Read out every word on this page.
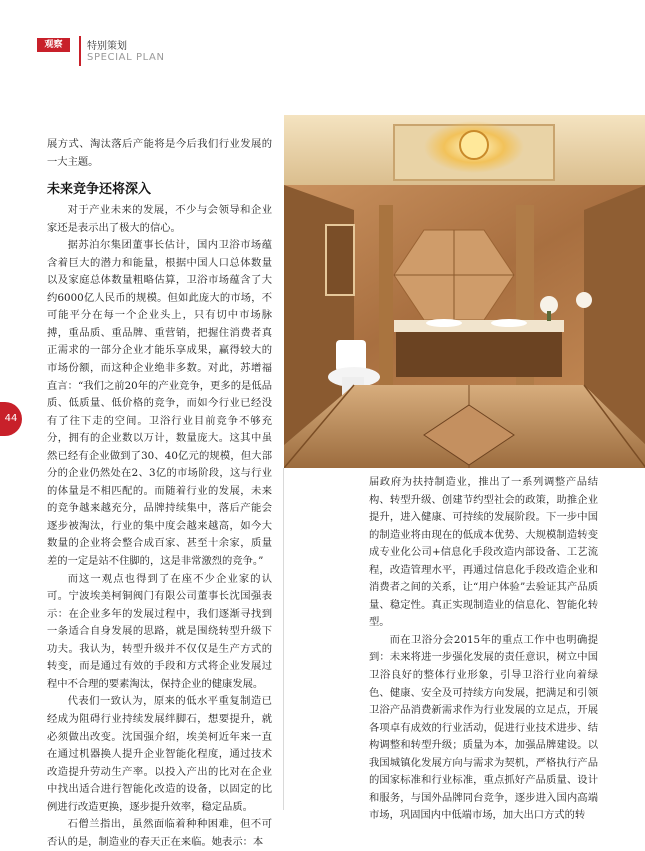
观察	特别策划
SPECIAL PLAN
44

展方式、淘汰落后产能将是今后我们行业发展的一大主题。

未来竞争还将深入

对于产业未来的发展，不少与会领导和企业家还是表示出了极大的信心。

据苏泊尔集团董事长估计，国内卫浴市场蕴含着巨大的潜力和能量，根据中国人口总体数量以及家庭总体数量粗略估算，卫浴市场蕴含了大约6000亿人民币的规模。但如此庞大的市场，不可能平分在每一个企业头上，只有切中市场脉搏，重品质、重品牌、重营销，把握住消费者真正需求的一部分企业才能乐享成果，赢得较大的市场份额，而这种企业绝非多数。对此，苏增福直言：“我们之前20年的产业竞争，更多的是低品质、低质量、低价格的竞争，而如今行业已经没有了往下走的空间。卫浴行业目前竞争不够充分，拥有的企业数以万计，数量庞大。这其中虽然已经有企业做到了30、40亿元的规模，但大部分的企业仍然处在2、3亿的市场阶段，这与行业的体量是不相匹配的。而随着行业的发展，未来的竞争越来越充分，品牌持续集中，落后产能会逐步被淘汰，行业的集中度会越来越高，如今大数量的企业将会整合成百家、甚至十余家，质量差的一定是站不住脚的，这是非常激烈的竞争。”

而这一观点也得到了在座不少企业家的认可。宁波埃美柯铜阀门有限公司董事长沈国强表示：在企业多年的发展过程中，我们逐渐寻找到一条适合自身发展的思路，就是围绕转型升级下功夫。我认为，转型升级并不仅仅是生产方式的转变，而是通过有效的手段和方式将企业发展过程中不合理的要素淘汰，保持企业的健康发展。

代表们一致认为，原来的低水平重复制造已经成为阻碍行业持续发展绊脚石，想要提升，就必须做出改变。沈国强介绍，埃美柯近年来一直在通过机器换人提升企业智能化程度，通过技术改造提升劳动生产率。以投入产出的比对在企业中找出适合进行智能化改造的设备，以固定的比例进行改造更换，逐步提升效率，稳定品质。

石僧兰指出，虽然面临着种种困难，但不可否认的是，制造业的春天正在来临。她表示：本

届政府为扶持制造业，推出了一系列调整产品结构、转型升级、创建节约型社会的政策，助推企业提升，进入健康、可持续的发展阶段。下一步中国的制造业将由现在的低成本优势、大规模制造转变成专业化公司+信息化手段改造内部设备、工艺流程，改造管理水平，再通过信息化手段改造企业和消费者之间的关系，让“用户体验”去验证其产品质量、稳定性。真正实现制造业的信息化、智能化转型。

而在卫浴分会2015年的重点工作中也明确提到：未来将进一步强化发展的责任意识，树立中国卫浴良好的整体行业形象，引导卫浴行业向着绿色、健康、安全及可持续方向发展，把满足和引领卫浴产品消费新需求作为行业发展的立足点，开展各项卓有成效的行业活动，促进行业技术进步、结构调整和转型升级；质量为本，加强品牌建设。以我国城镇化发展方向与需求为契机，严格执行产品的国家标准和行业标准，重点抓好产品质量、设计和服务，与国外品牌同台竞争，逐步进入国内高端市场，巩固国内中低端市场，加大出口方式的转
